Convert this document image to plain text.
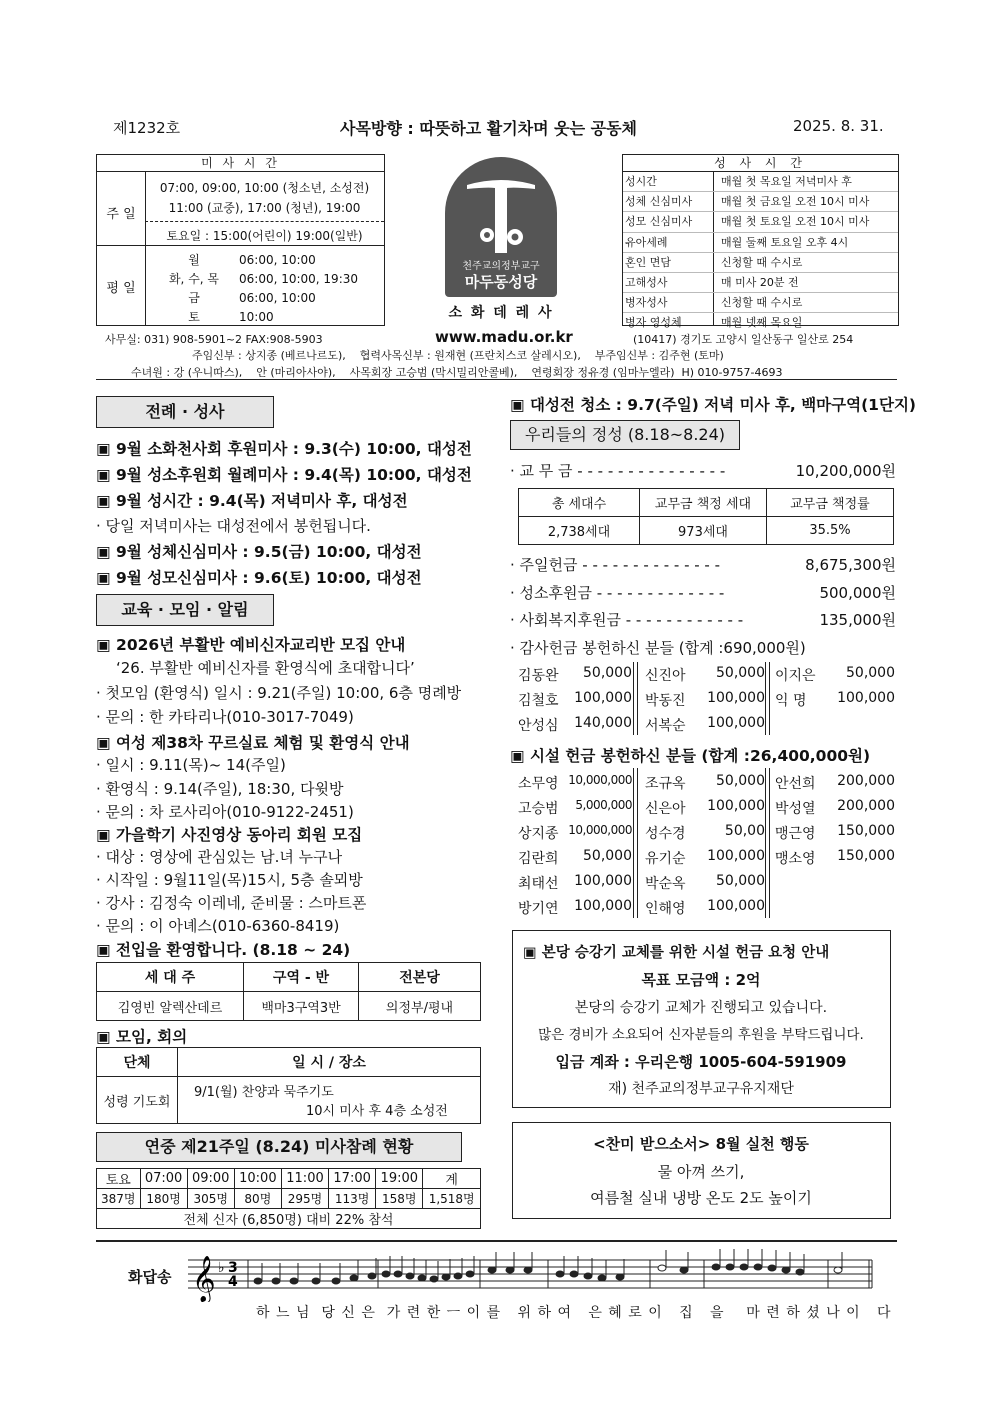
제1232호	사목방향 : 따뜻하고 활기차며 웃는 공동체	2025. 8. 31.
미 사 시 간
주 일
07:00, 09:00, 10:00 (청소년, 소성전)
11:00 (교중), 17:00 (청년), 19:00
토요일 : 15:00(어린이) 19:00(일반)
평 일
월	06:00, 10:00
화, 수, 목 06:00, 10:00, 19:30
금	06:00, 10:00
토	10:00
천주교의정부교구
마두동성당
소 화 데 레 사
성 사 시 간
성시간	매월 첫 목요일 저녁미사 후
성체 신심미사	매월 첫 금요일 오전 10시 미사
성모 신심미사	매월 첫 토요일 오전 10시 미사
유아세례	매월 둘째 토요일 오후 4시
혼인 면담	신청할 때 수시로
고해성사	매 미사 20분 전
병자성사	신청할 때 수시로
병자 영성체	매월 넷째 목요일
사무실: 031) 908-5901~2 FAX:908-5903	www.madu.or.kr	(10417) 경기도 고양시 일산동구 일산로 254
주임신부 : 상지종 (베르나르도),    협력사목신부 : 원재현 (프란치스코 살레시오),    부주임신부 : 김주현 (토마)
수녀원 : 강 (우니따스),    안 (마리아사야),    사목회장 고승범 (막시밀리안콜베),    연령회장 정유경 (임마누엘라)  H) 010-9757-4693
전례 · 성사
▣ 9월 소화천사회 후원미사 : 9.3(수) 10:00, 대성전
▣ 9월 성소후원회 월례미사 : 9.4(목) 10:00, 대성전
▣ 9월 성시간 : 9.4(목) 저녁미사 후, 대성전
· 당일 저녁미사는 대성전에서 봉헌됩니다.
▣ 9월 성체신심미사 : 9.5(금) 10:00, 대성전
▣ 9월 성모신심미사 : 9.6(토) 10:00, 대성전
교육 · 모임 · 알림
▣ 2026년 부활반 예비신자교리반 모집 안내
‘26. 부활반 예비신자를 환영식에 초대합니다’
· 첫모임 (환영식) 일시 : 9.21(주일) 10:00, 6층 명례방
· 문의 : 한 카타리나(010-3017-7049)
▣ 여성 제38차 꾸르실료 체험 및 환영식 안내
· 일시 : 9.11(목)~ 14(주일)
· 환영식 : 9.14(주일), 18:30, 다윗방
· 문의 : 차 로사리아(010-9122-2451)
▣ 가을학기 사진영상 동아리 회원 모집
· 대상 : 영상에 관심있는 남.녀 누구나
· 시작일 : 9월11일(목)15시, 5층 솔뫼방
· 강사 : 김정숙 이레네, 준비물 : 스마트폰
· 문의 : 이 아녜스(010-6360-8419)
▣ 전입을 환영합니다. (8.18 ~ 24)
세 대 주	구역 - 반	전본당
김영빈 알렉산데르	백마3구역3반	의정부/평내
▣ 모임, 회의
단체	일 시 / 장소
성령 기도회	9/1(월) 찬양과 묵주기도
10시 미사 후 4층 소성전
연중 제21주일 (8.24) 미사참례 현황
토요	07:00	09:00	10:00	11:00	17:00	19:00	계
387명	180명	305명	80명	295명	113명	158명	1,518명
전체 신자 (6,850명) 대비 22% 참석							
▣ 대성전 청소 : 9.7(주일) 저녁 미사 후, 백마구역(1단지)
우리들의 정성 (8.18~8.24)
· 교 무 금 - - - - - - - - - - - - - - -	10,200,000원
총 세대수	교무금 책정 세대	교무금 책정률
2,738세대	973세대	35.5%
· 주일헌금 - - - - - - - - - - - - - -	8,675,300원
· 성소후원금 - - - - - - - - - - - - -	500,000원
· 사회복지후원금 - - - - - - - - - - - -	135,000원
· 감사헌금 봉헌하신 분들 (합계 :690,000원)
김동완	50,000 신진아	50,000 이지은	50,000
김철호	100,000 박동진	100,000 익 명	100,000
안성심	140,000 서복순	100,000
▣ 시설 헌금 봉헌하신 분들 (합계 :26,400,000원)
소무영 10,000,000 조규옥	50,000 안선희	200,000
고승범	5,000,000 신은아	100,000 박성열	200,000
상지종 10,000,000 성수경	50,00 맹근영	150,000
김란희	50,000 유기순	100,000 맹소영	150,000
최태선	100,000 박순옥	50,000
방기연	100,000 인해영	100,000
▣ 본당 승강기 교체를 위한 시설 헌금 요청 안내
목표 모금액 : 2억
본당의 승강기 교체가 진행되고 있습니다.
많은 경비가 소요되어 신자분들의 후원을 부탁드립니다.
입금 계좌 : 우리은행 1005-604-591909
재) 천주교의정부교구유지재단
<찬미 받으소서> 8월 실천 행동
물 아껴 쓰기,
여름철 실내 냉방 온도 2도 높이기
화답송 𝄞 ♭ 3
4
하 느 님  당 신 은  가 련 한 ㅡ 이 를   위 하 여   은 혜 로 이   집   을    마 련 하 셨 나 이   다
